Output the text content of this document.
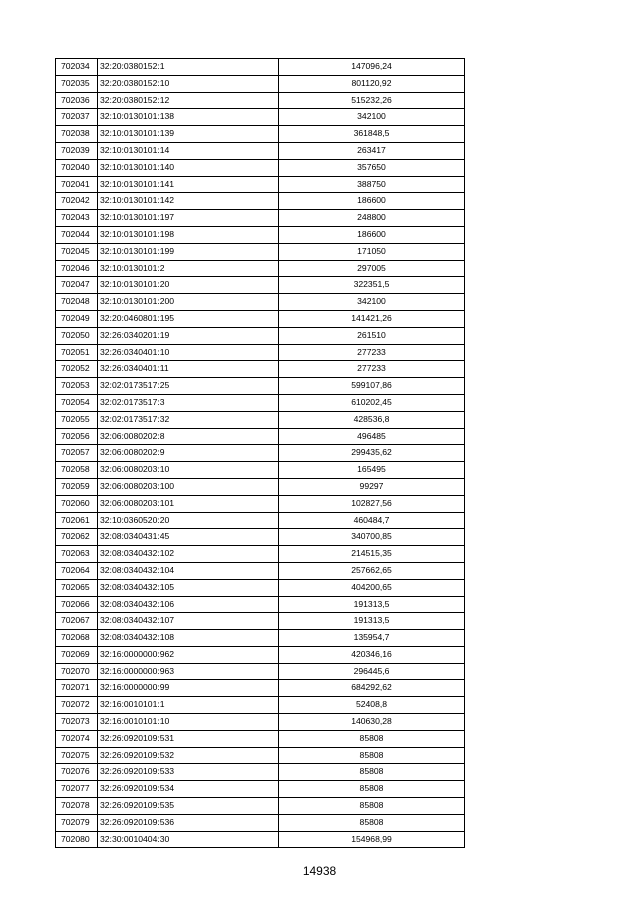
702034	32:20:0380152:1	147096,24
702035	32:20:0380152:10	801120,92
702036	32:20:0380152:12	515232,26
702037	32:10:0130101:138	342100
702038	32:10:0130101:139	361848,5
702039	32:10:0130101:14	263417
702040	32:10:0130101:140	357650
702041	32:10:0130101:141	388750
702042	32:10:0130101:142	186600
702043	32:10:0130101:197	248800
702044	32:10:0130101:198	186600
702045	32:10:0130101:199	171050
702046	32:10:0130101:2	297005
702047	32:10:0130101:20	322351,5
702048	32:10:0130101:200	342100
702049	32:20:0460801:195	141421,26
702050	32:26:0340201:19	261510
702051	32:26:0340401:10	277233
702052	32:26:0340401:11	277233
702053	32:02:0173517:25	599107,86
702054	32:02:0173517:3	610202,45
702055	32:02:0173517:32	428536,8
702056	32:06:0080202:8	496485
702057	32:06:0080202:9	299435,62
702058	32:06:0080203:10	165495
702059	32:06:0080203:100	99297
702060	32:06:0080203:101	102827,56
702061	32:10:0360520:20	460484,7
702062	32:08:0340431:45	340700,85
702063	32:08:0340432:102	214515,35
702064	32:08:0340432:104	257662,65
702065	32:08:0340432:105	404200,65
702066	32:08:0340432:106	191313,5
702067	32:08:0340432:107	191313,5
702068	32:08:0340432:108	135954,7
702069	32:16:0000000:962	420346,16
702070	32:16:0000000:963	296445,6
702071	32:16:0000000:99	684292,62
702072	32:16:0010101:1	52408,8
702073	32:16:0010101:10	140630,28
702074	32:26:0920109:531	85808
702075	32:26:0920109:532	85808
702076	32:26:0920109:533	85808
702077	32:26:0920109:534	85808
702078	32:26:0920109:535	85808
702079	32:26:0920109:536	85808
702080	32:30:0010404:30	154968,99
14938
